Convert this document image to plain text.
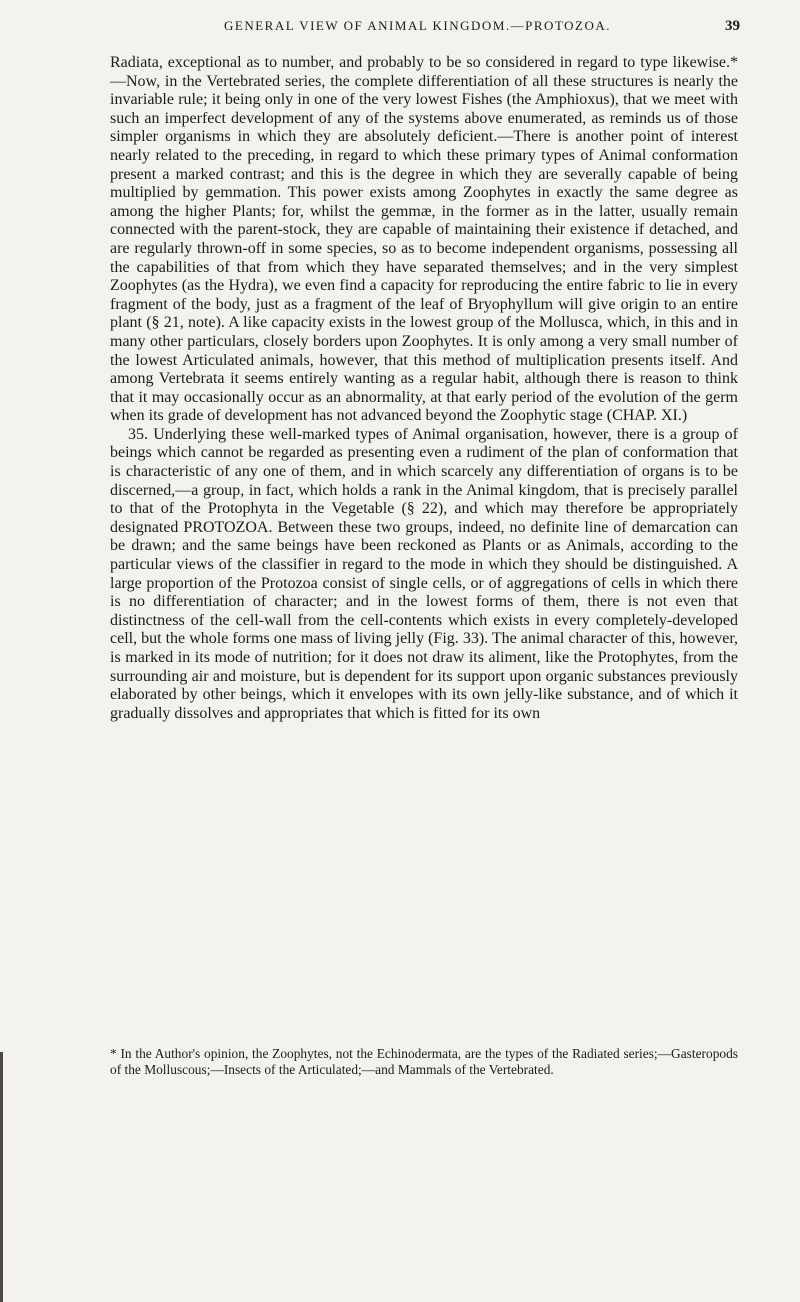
GENERAL VIEW OF ANIMAL KINGDOM.—PROTOZOA.	39

Radiata, exceptional as to number, and probably to be so considered in regard to type likewise.*—Now, in the Vertebrated series, the complete differentiation of all these structures is nearly the invariable rule; it being only in one of the very lowest Fishes (the Amphioxus), that we meet with such an imperfect development of any of the systems above enumerated, as reminds us of those simpler organisms in which they are absolutely deficient.—There is another point of interest nearly related to the preceding, in regard to which these primary types of Animal conformation present a marked contrast; and this is the degree in which they are severally capable of being multiplied by gemmation. This power exists among Zoophytes in exactly the same degree as among the higher Plants; for, whilst the gemmæ, in the former as in the latter, usually remain connected with the parent-stock, they are capable of maintaining their existence if detached, and are regularly thrown-off in some species, so as to become independent organisms, possessing all the capabilities of that from which they have separated themselves; and in the very simplest Zoophytes (as the Hydra), we even find a capacity for reproducing the entire fabric to lie in every fragment of the body, just as a fragment of the leaf of Bryophyllum will give origin to an entire plant (§ 21, note). A like capacity exists in the lowest group of the Mollusca, which, in this and in many other particulars, closely borders upon Zoophytes. It is only among a very small number of the lowest Articulated animals, however, that this method of multiplication presents itself. And among Vertebrata it seems entirely wanting as a regular habit, although there is reason to think that it may occasionally occur as an abnormality, at that early period of the evolution of the germ when its grade of development has not advanced beyond the Zoophytic stage (CHAP. XI.)

35. Underlying these well-marked types of Animal organisation, however, there is a group of beings which cannot be regarded as presenting even a rudiment of the plan of conformation that is characteristic of any one of them, and in which scarcely any differentiation of organs is to be discerned,—a group, in fact, which holds a rank in the Animal kingdom, that is precisely parallel to that of the Protophyta in the Vegetable (§ 22), and which may therefore be appropriately designated PROTOZOA. Between these two groups, indeed, no definite line of demarcation can be drawn; and the same beings have been reckoned as Plants or as Animals, according to the particular views of the classifier in regard to the mode in which they should be distinguished. A large proportion of the Protozoa consist of single cells, or of aggregations of cells in which there is no differentiation of character; and in the lowest forms of them, there is not even that distinctness of the cell-wall from the cell-contents which exists in every completely-developed cell, but the whole forms one mass of living jelly (Fig. 33). The animal character of this, however, is marked in its mode of nutrition; for it does not draw its aliment, like the Protophytes, from the surrounding air and moisture, but is dependent for its support upon organic substances previously elaborated by other beings, which it envelopes with its own jelly-like substance, and of which it gradually dissolves and appropriates that which is fitted for its own

* In the Author's opinion, the Zoophytes, not the Echinodermata, are the types of the Radiated series;—Gasteropods of the Molluscous;—Insects of the Articulated;—and Mammals of the Vertebrated.
